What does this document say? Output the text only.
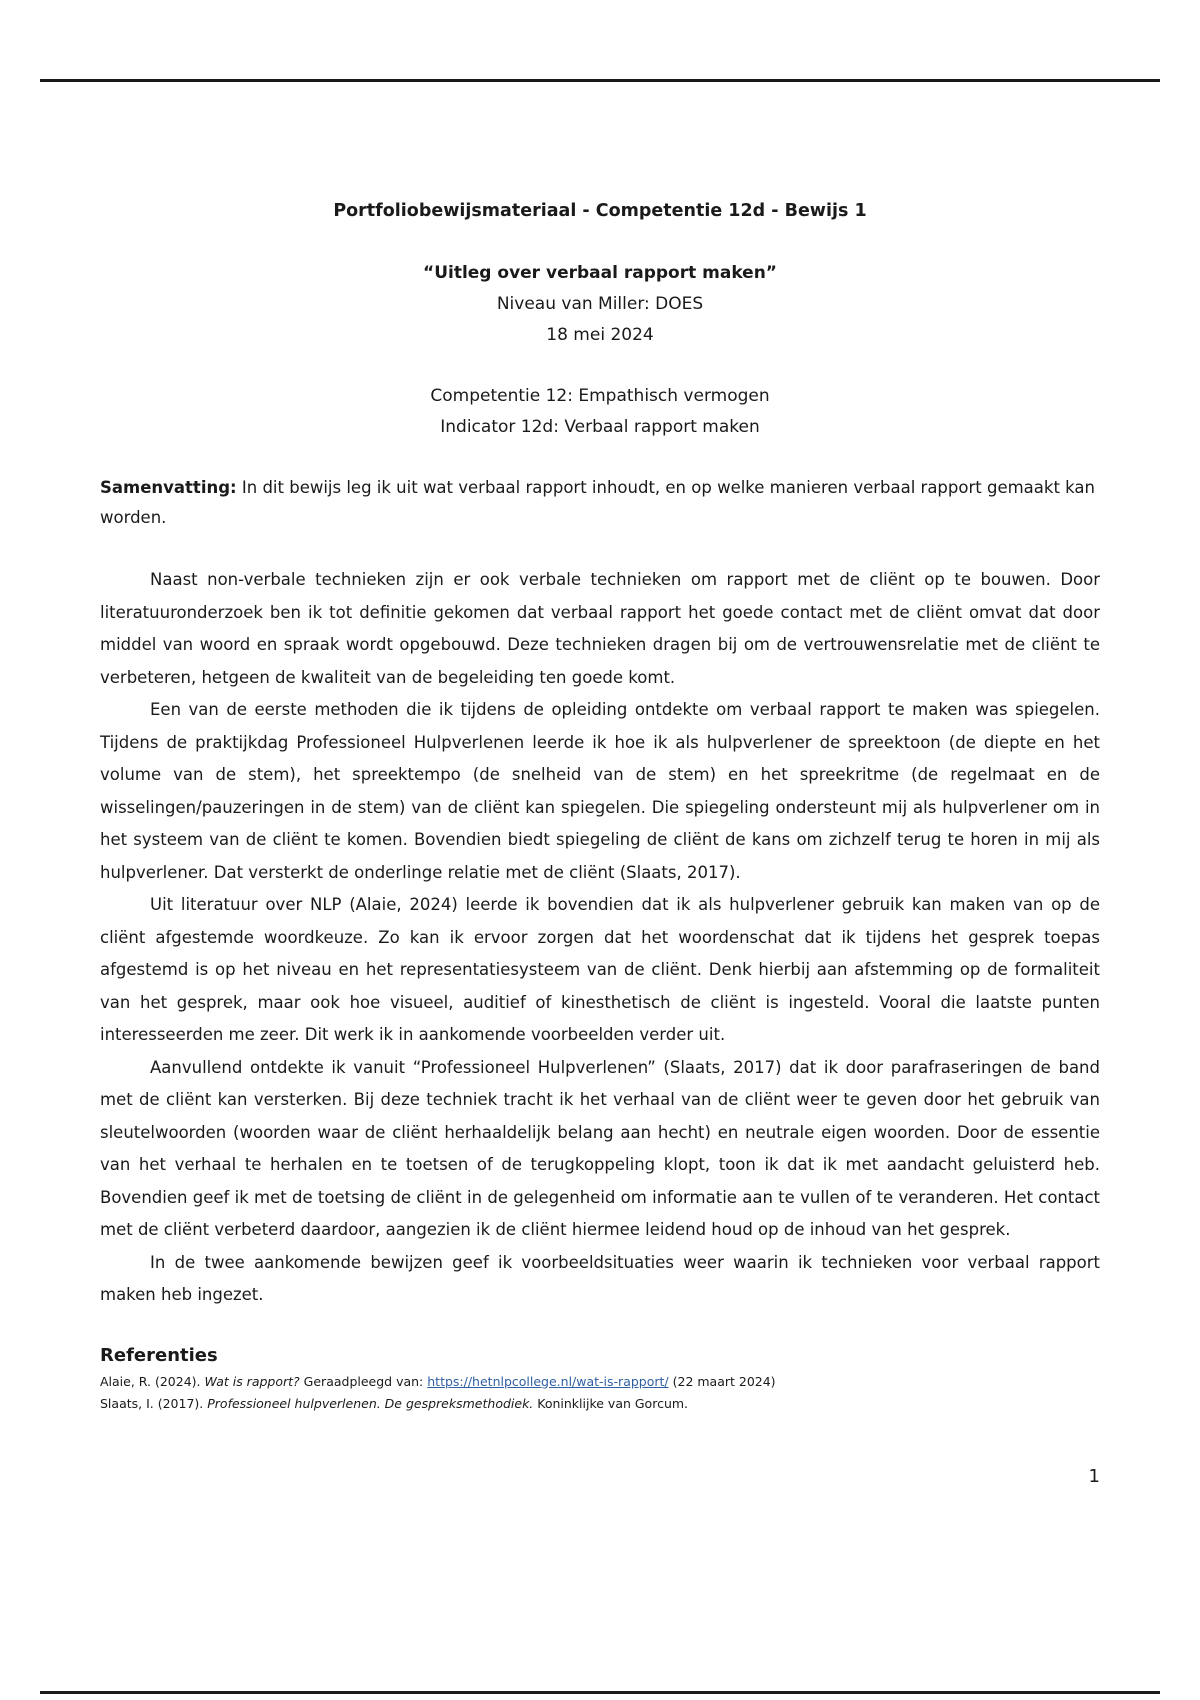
Portfoliobewijsmateriaal - Competentie 12d - Bewijs 1
“Uitleg over verbaal rapport maken”
Niveau van Miller: DOES
18 mei 2024
Competentie 12: Empathisch vermogen
Indicator 12d: Verbaal rapport maken
Samenvatting: In dit bewijs leg ik uit wat verbaal rapport inhoudt, en op welke manieren verbaal rapport gemaakt kan worden.

Naast non-verbale technieken zijn er ook verbale technieken om rapport met de cliënt op te bouwen. Door literatuuronderzoek ben ik tot definitie gekomen dat verbaal rapport het goede contact met de cliënt omvat dat door middel van woord en spraak wordt opgebouwd. Deze technieken dragen bij om de vertrouwensrelatie met de cliënt te verbeteren, hetgeen de kwaliteit van de begeleiding ten goede komt.

Een van de eerste methoden die ik tijdens de opleiding ontdekte om verbaal rapport te maken was spiegelen. Tijdens de praktijkdag Professioneel Hulpverlenen leerde ik hoe ik als hulpverlener de spreektoon (de diepte en het volume van de stem), het spreektempo (de snelheid van de stem) en het spreekritme (de regelmaat en de wisselingen/pauzeringen in de stem) van de cliënt kan spiegelen. Die spiegeling ondersteunt mij als hulpverlener om in het systeem van de cliënt te komen. Bovendien biedt spiegeling de cliënt de kans om zichzelf terug te horen in mij als hulpverlener. Dat versterkt de onderlinge relatie met de cliënt (Slaats, 2017).

Uit literatuur over NLP (Alaie, 2024) leerde ik bovendien dat ik als hulpverlener gebruik kan maken van op de cliënt afgestemde woordkeuze. Zo kan ik ervoor zorgen dat het woordenschat dat ik tijdens het gesprek toepas afgestemd is op het niveau en het representatiesysteem van de cliënt. Denk hierbij aan afstemming op de formaliteit van het gesprek, maar ook hoe visueel, auditief of kinesthetisch de cliënt is ingesteld. Vooral die laatste punten interesseerden me zeer. Dit werk ik in aankomende voorbeelden verder uit.

Aanvullend ontdekte ik vanuit “Professioneel Hulpverlenen” (Slaats, 2017) dat ik door parafraseringen de band met de cliënt kan versterken. Bij deze techniek tracht ik het verhaal van de cliënt weer te geven door het gebruik van sleutelwoorden (woorden waar de cliënt herhaaldelijk belang aan hecht) en neutrale eigen woorden. Door de essentie van het verhaal te herhalen en te toetsen of de terugkoppeling klopt, toon ik dat ik met aandacht geluisterd heb. Bovendien geef ik met de toetsing de cliënt in de gelegenheid om informatie aan te vullen of te veranderen. Het contact met de cliënt verbeterd daardoor, aangezien ik de cliënt hiermee leidend houd op de inhoud van het gesprek.

In de twee aankomende bewijzen geef ik voorbeeldsituaties weer waarin ik technieken voor verbaal rapport maken heb ingezet.

Referenties
Alaie, R. (2024). Wat is rapport? Geraadpleegd van: https://hetnlpcollege.nl/wat-is-rapport/ (22 maart 2024)
Slaats, I. (2017). Professioneel hulpverlenen. De gespreksmethodiek. Koninklijke van Gorcum.
1
